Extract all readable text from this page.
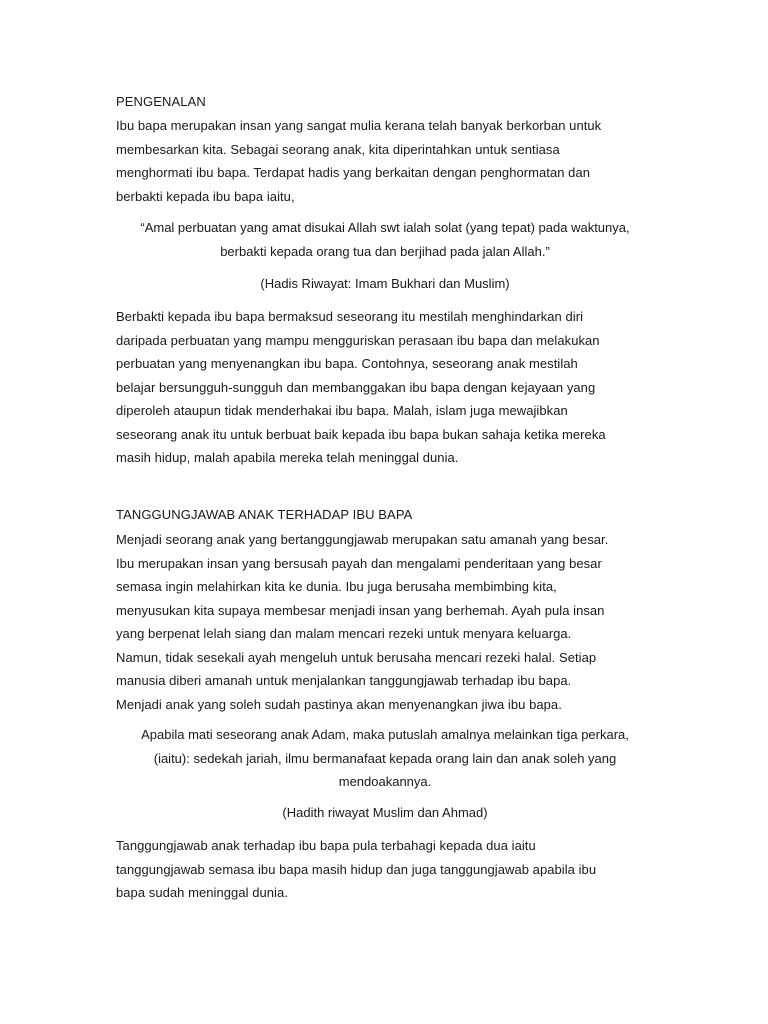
PENGENALAN
Ibu bapa merupakan insan yang sangat mulia kerana telah banyak berkorban untuk
membesarkan kita. Sebagai seorang anak, kita diperintahkan untuk sentiasa
menghormati ibu bapa. Terdapat hadis yang berkaitan dengan penghormatan dan
berbakti kepada ibu bapa iaitu,
“Amal perbuatan yang amat disukai Allah swt ialah solat (yang tepat) pada waktunya,
berbakti kepada orang tua dan berjihad pada jalan Allah.”
(Hadis Riwayat: Imam Bukhari dan Muslim)
Berbakti kepada ibu bapa bermaksud seseorang itu mestilah menghindarkan diri
daripada perbuatan yang mampu mengguriskan perasaan ibu bapa dan melakukan
perbuatan yang menyenangkan ibu bapa. Contohnya, seseorang anak mestilah
belajar bersungguh-sungguh dan membanggakan ibu bapa dengan kejayaan yang
diperoleh ataupun tidak menderhakai ibu bapa. Malah, islam juga mewajibkan
seseorang anak itu untuk berbuat baik kepada ibu bapa bukan sahaja ketika mereka
masih hidup, malah apabila mereka telah meninggal dunia.
TANGGUNGJAWAB ANAK TERHADAP IBU BAPA
Menjadi seorang anak yang bertanggungjawab merupakan satu amanah yang besar.
Ibu merupakan insan yang bersusah payah dan mengalami penderitaan yang besar
semasa ingin melahirkan kita ke dunia. Ibu juga berusaha membimbing kita,
menyusukan kita supaya membesar menjadi insan yang berhemah. Ayah pula insan
yang berpenat lelah siang dan malam mencari rezeki untuk menyara keluarga.
Namun, tidak sesekali ayah mengeluh untuk berusaha mencari rezeki halal. Setiap
manusia diberi amanah untuk menjalankan tanggungjawab terhadap ibu bapa.
Menjadi anak yang soleh sudah pastinya akan menyenangkan jiwa ibu bapa.
Apabila mati seseorang anak Adam, maka putuslah amalnya melainkan tiga perkara,
(iaitu): sedekah jariah, ilmu bermanafaat kepada orang lain dan anak soleh yang
mendoakannya.
(Hadith riwayat Muslim dan Ahmad)
Tanggungjawab anak terhadap ibu bapa pula terbahagi kepada dua iaitu
tanggungjawab semasa ibu bapa masih hidup dan juga tanggungjawab apabila ibu
bapa sudah meninggal dunia.
